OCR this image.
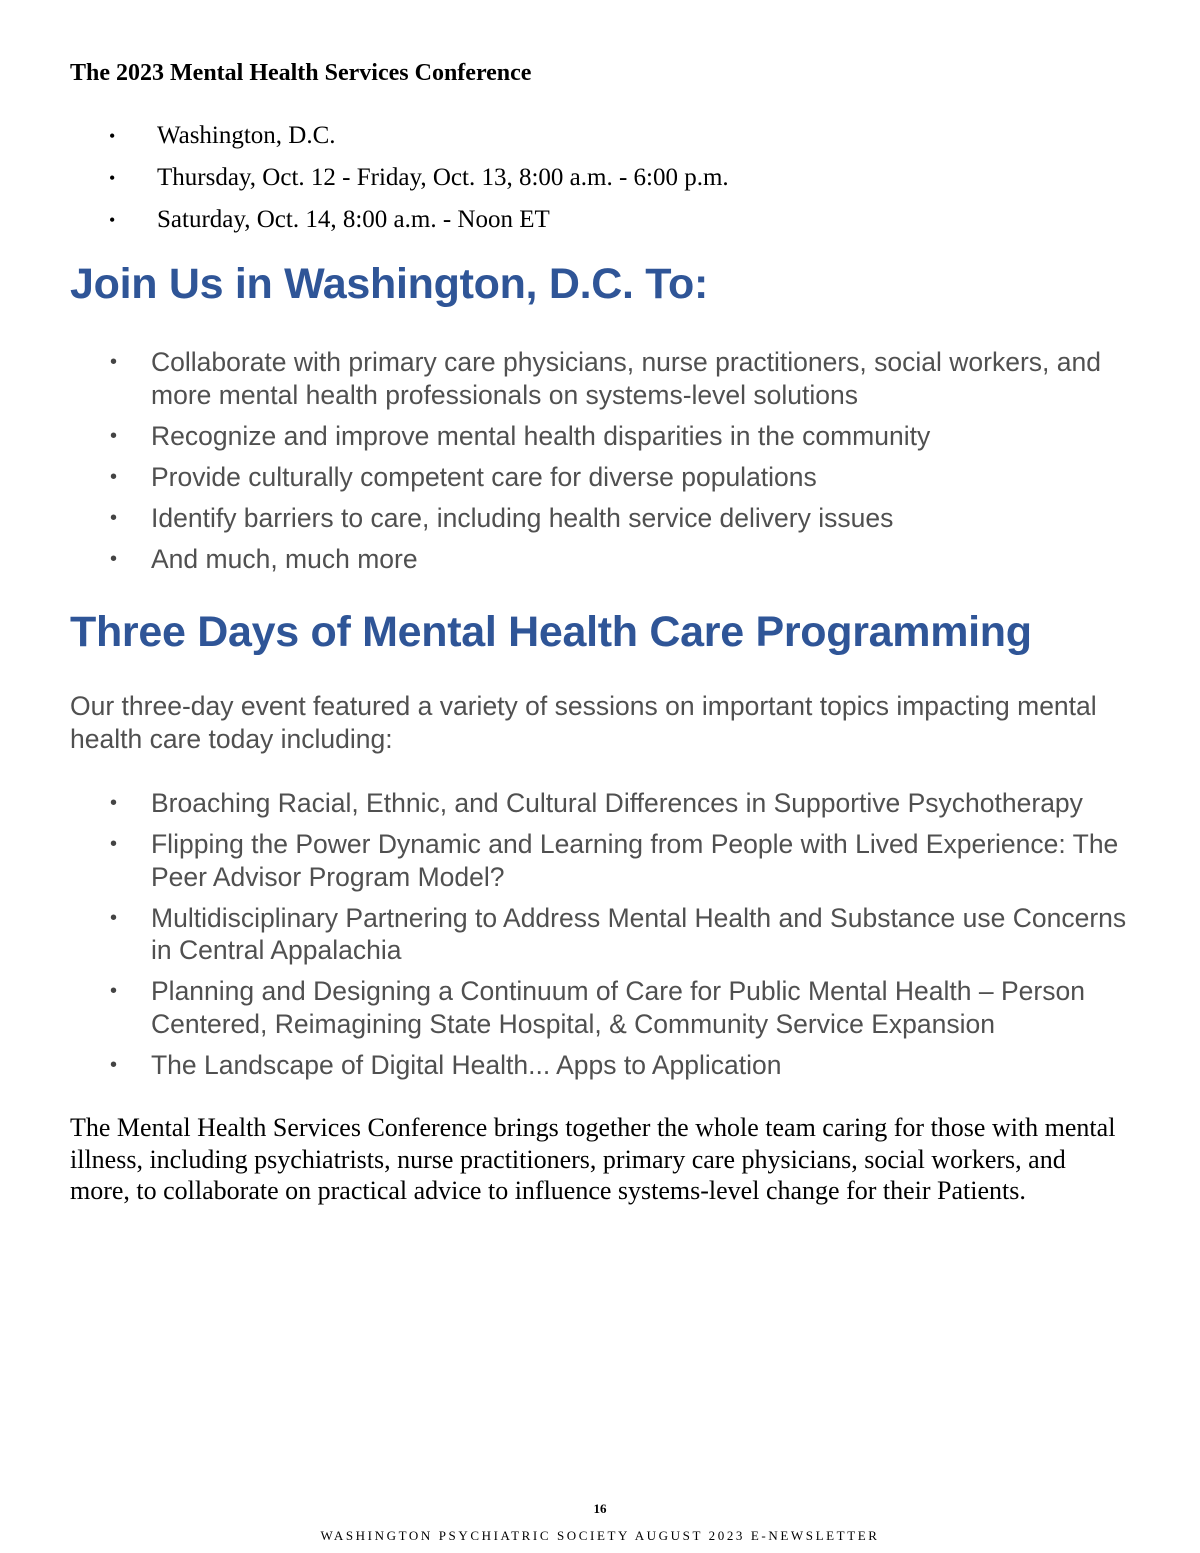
The 2023 Mental Health Services Conference
• Washington, D.C.
• Thursday, Oct. 12 - Friday, Oct. 13, 8:00 a.m. - 6:00 p.m.
• Saturday, Oct. 14, 8:00 a.m. - Noon ET
Join Us in Washington, D.C. To:
• Collaborate with primary care physicians, nurse practitioners, social workers, and more mental health professionals on systems-level solutions
• Recognize and improve mental health disparities in the community
• Provide culturally competent care for diverse populations
• Identify barriers to care, including health service delivery issues
• And much, much more
Three Days of Mental Health Care Programming

Our three-day event featured a variety of sessions on important topics impacting mental health care today including:

• Broaching Racial, Ethnic, and Cultural Differences in Supportive Psychotherapy
• Flipping the Power Dynamic and Learning from People with Lived Experience: The Peer Advisor Program Model?
• Multidisciplinary Partnering to Address Mental Health and Substance use Concerns in Central Appalachia
• Planning and Designing a Continuum of Care for Public Mental Health – Person Centered, Reimagining State Hospital, & Community Service Expansion
• The Landscape of Digital Health... Apps to Application

The Mental Health Services Conference brings together the whole team caring for those with mental illness, including psychiatrists, nurse practitioners, primary care physicians, social workers, and more, to collaborate on practical advice to influence systems-level change for their Patients.

16
WASHINGTON PSYCHIATRIC SOCIETY AUGUST 2023 E-NEWSLETTER
